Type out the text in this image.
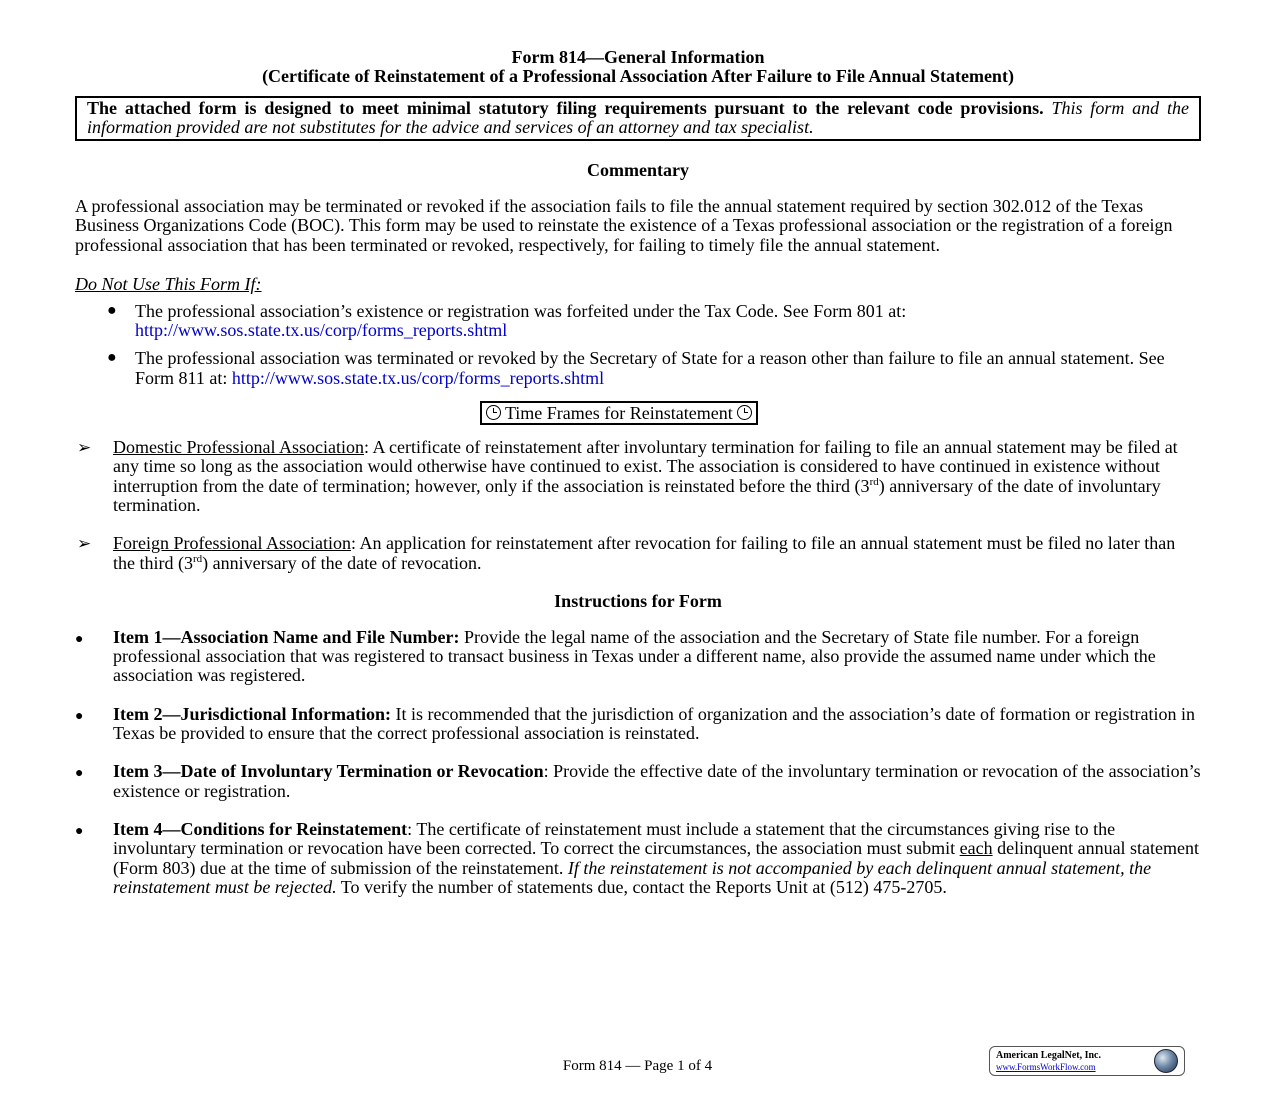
Form 814—General Information
(Certificate of Reinstatement of a Professional Association After Failure to File Annual Statement)
The attached form is designed to meet minimal statutory filing requirements pursuant to the relevant code provisions. This form and the information provided are not substitutes for the advice and services of an attorney and tax specialist.
Commentary

A professional association may be terminated or revoked if the association fails to file the annual statement required by section 302.012 of the Texas Business Organizations Code (BOC). This form may be used to reinstate the existence of a Texas professional association or the registration of a foreign professional association that has been terminated or revoked, respectively, for failing to timely file the annual statement.

Do Not Use This Form If:
● The professional association’s existence or registration was forfeited under the Tax Code. See Form 801 at: http://www.sos.state.tx.us/corp/forms_reports.shtml
● The professional association was terminated or revoked by the Secretary of State for a reason other than failure to file an annual statement. See Form 811 at: http://www.sos.state.tx.us/corp/forms_reports.shtml
Time Frames for Reinstatement
➢ Domestic Professional Association: A certificate of reinstatement after involuntary termination for failing to file an annual statement may be filed at any time so long as the association would otherwise have continued to exist. The association is considered to have continued in existence without interruption from the date of termination; however, only if the association is reinstated before the third (3rd) anniversary of the date of involuntary termination.
➢ Foreign Professional Association: An application for reinstatement after revocation for failing to file an annual statement must be filed no later than the third (3rd) anniversary of the date of revocation.
Instructions for Form
● Item 1—Association Name and File Number: Provide the legal name of the association and the Secretary of State file number. For a foreign professional association that was registered to transact business in Texas under a different name, also provide the assumed name under which the association was registered.
● Item 2—Jurisdictional Information: It is recommended that the jurisdiction of organization and the association’s date of formation or registration in Texas be provided to ensure that the correct professional association is reinstated.
● Item 3—Date of Involuntary Termination or Revocation: Provide the effective date of the involuntary termination or revocation of the association’s existence or registration.
● Item 4—Conditions for Reinstatement: The certificate of reinstatement must include a statement that the circumstances giving rise to the involuntary termination or revocation have been corrected. To correct the circumstances, the association must submit each delinquent annual statement (Form 803) due at the time of submission of the reinstatement. If the reinstatement is not accompanied by each delinquent annual statement, the reinstatement must be rejected. To verify the number of statements due, contact the Reports Unit at (512) 475-2705.
Form 814 — Page 1 of 4
American LegalNet, Inc.
www.FormsWorkFlow.com
